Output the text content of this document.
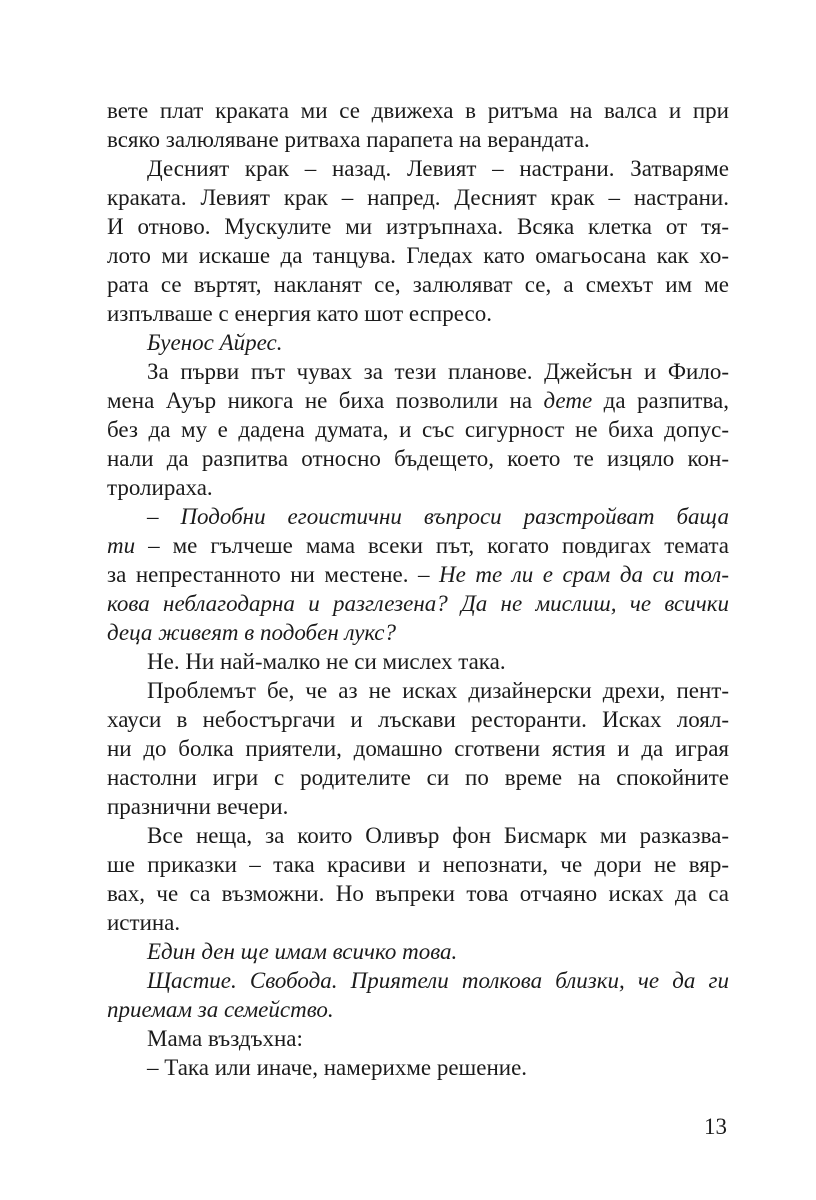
вете плат краката ми се движеха в ритъма на валса и при
всяко залюляване ритваха парапета на верандата.
Десният крак – назад. Левият – настрани. Затваряме
краката. Левият крак – напред. Десният крак – настрани.
И отново. Мускулите ми изтръпнаха. Всяка клетка от тя-
лото ми искаше да танцува. Гледах като омагьосана как хо-
рата се въртят, накланят се, залюляват се, а смехът им ме
изпълваше с енергия като шот еспресо.
Буенос Айрес.
За първи път чувах за тези планове. Джейсън и Фило-
мена Ауър никога не биха позволили на дете да разпитва,
без да му е дадена думата, и със сигурност не биха допус-
нали да разпитва относно бъдещето, което те изцяло кон-
тролираха.
– Подобни егоистични въпроси разстройват баща
ти – ме гълчеше мама всеки път, когато повдигах темата
за непрестанното ни местене. – Не те ли е срам да си тол-
кова неблагодарна и разглезена? Да не мислиш, че всички
деца живеят в подобен лукс?
Не. Ни най-малко не си мислех така.
Проблемът бе, че аз не исках дизайнерски дрехи, пент-
хауси в небостъргачи и лъскави ресторанти. Исках лоял-
ни до болка приятели, домашно сготвени ястия и да играя
настолни игри с родителите си по време на спокойните
празнични вечери.
Все неща, за които Оливър фон Бисмарк ми разказва-
ше приказки – така красиви и непознати, че дори не вяр-
вах, че са възможни. Но въпреки това отчаяно исках да са
истина.
Един ден ще имам всичко това.
Щастие. Свобода. Приятели толкова близки, че да ги
приемам за семейство.
Мама въздъхна:
– Така или иначе, намерихме решение.
13
